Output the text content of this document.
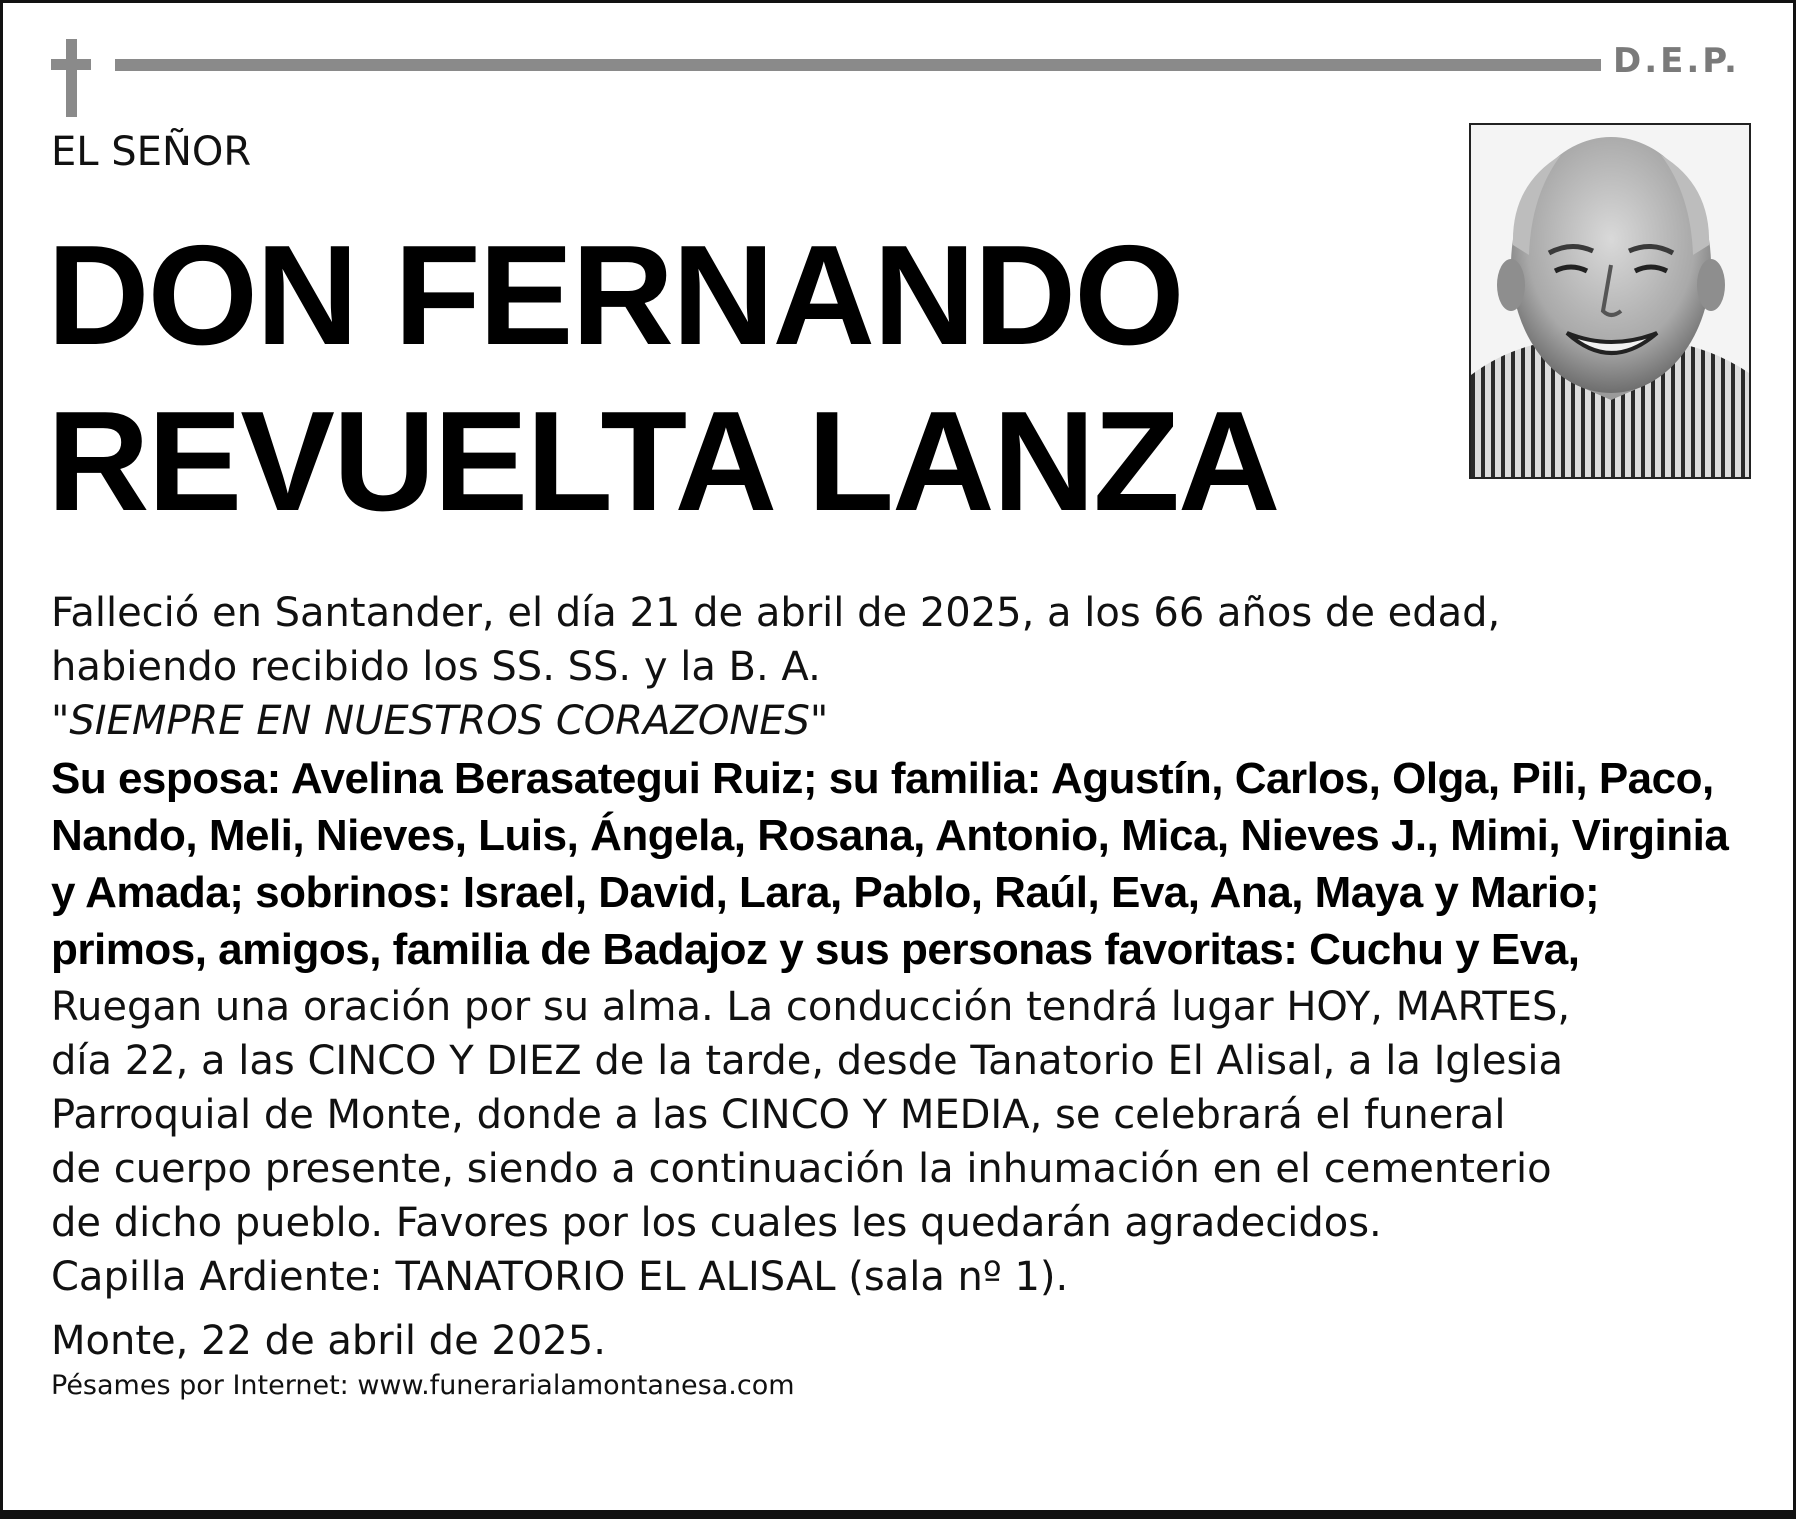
D.E.P.
EL SEÑOR
DON FERNANDO
REVUELTA LANZA
Falleció en Santander, el día 21 de abril de 2025, a los 66 años de edad,
habiendo recibido los SS. SS. y la B. A.
"SIEMPRE EN NUESTROS CORAZONES"
Su esposa: Avelina Berasategui Ruiz; su familia: Agustín, Carlos, Olga, Pili, Paco,
Nando, Meli, Nieves, Luis, Ángela, Rosana, Antonio, Mica, Nieves J., Mimi, Virginia
y Amada; sobrinos: Israel, David, Lara, Pablo, Raúl, Eva, Ana, Maya y Mario;
primos, amigos, familia de Badajoz y sus personas favoritas: Cuchu y Eva,
Ruegan una oración por su alma. La conducción tendrá lugar HOY, MARTES,
día 22, a las CINCO Y DIEZ de la tarde, desde Tanatorio El Alisal, a la Iglesia
Parroquial de Monte, donde a las CINCO Y MEDIA, se celebrará el funeral
de cuerpo presente, siendo a continuación la inhumación en el cementerio
de dicho pueblo. Favores por los cuales les quedarán agradecidos.
Capilla Ardiente: TANATORIO EL ALISAL (sala nº 1).
Monte, 22 de abril de 2025.
Pésames por Internet: www.funerarialamontanesa.com
